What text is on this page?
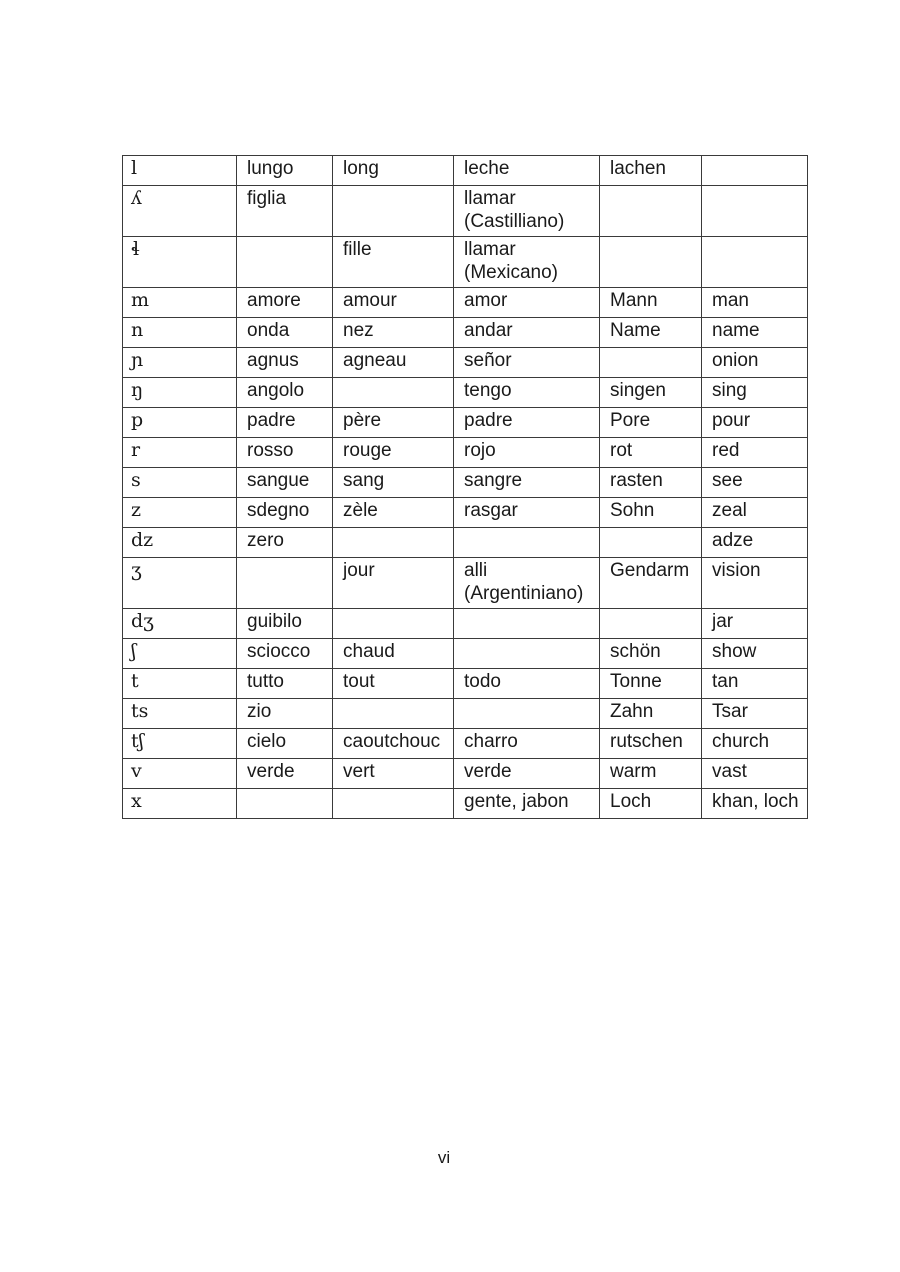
l	lungo	long	leche	lachen	
ʎ	figlia		llamar (Castilliano)		
ɬ		fille	llamar (Mexicano)		
m	amore	amour	amor	Mann	man
n	onda	nez	andar	Name	name
ɲ	agnus	agneau	señor		onion
ŋ	angolo		tengo	singen	sing
p	padre	père	padre	Pore	pour
r	rosso	rouge	rojo	rot	red
s	sangue	sang	sangre	rasten	see
z	sdegno	zèle	rasgar	Sohn	zeal
dz	zero				adze
ʒ		jour	alli (Argentiniano)	Gendarm	vision
dʒ	guibilo				jar
ʃ	sciocco	chaud		schön	show
t	tutto	tout	todo	Tonne	tan
ts	zio			Zahn	Tsar
tʃ	cielo	caoutchouc	charro	rutschen	church
v	verde	vert	verde	warm	vast
x			gente, jabon	Loch	khan, loch
vi
